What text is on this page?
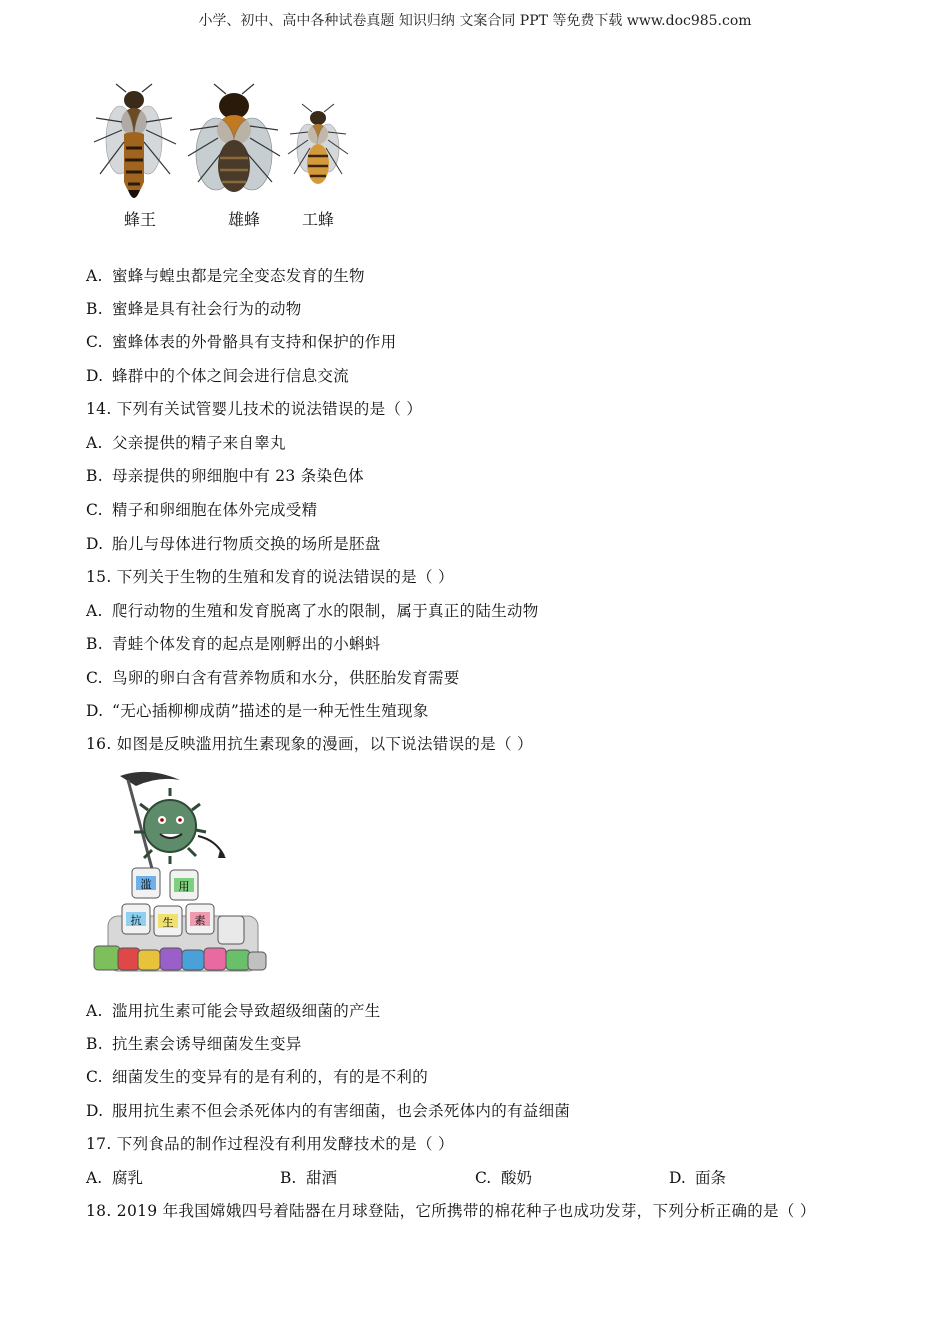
小学、初中、高中各种试卷真题 知识归纳 文案合同 PPT 等免费下载 www.doc985.com
蜂王	雄蜂	工蜂
A. 蜜蜂与蝗虫都是完全变态发育的生物
B. 蜜蜂是具有社会行为的动物
C. 蜜蜂体表的外骨骼具有支持和保护的作用
D. 蜂群中的个体之间会进行信息交流
14. 下列有关试管婴儿技术的说法错误的是（ ）
A. 父亲提供的精子来自睾丸
B. 母亲提供的卵细胞中有 23 条染色体
C. 精子和卵细胞在体外完成受精
D. 胎儿与母体进行物质交换的场所是胚盘
15. 下列关于生物的生殖和发育的说法错误的是（ ）
A. 爬行动物的生殖和发育脱离了水的限制，属于真正的陆生动物
B. 青蛙个体发育的起点是刚孵出的小蝌蚪
C. 鸟卵的卵白含有营养物质和水分，供胚胎发育需要
D. “无心插柳柳成荫”描述的是一种无性生殖现象
16. 如图是反映滥用抗生素现象的漫画，以下说法错误的是（ ）
滥 用
抗 生 素
A. 滥用抗生素可能会导致超级细菌的产生
B. 抗生素会诱导细菌发生变异
C. 细菌发生的变异有的是有利的，有的是不利的
D. 服用抗生素不但会杀死体内的有害细菌，也会杀死体内的有益细菌
17. 下列食品的制作过程没有利用发酵技术的是（ ）
A. 腐乳	B. 甜酒	C. 酸奶	D. 面条
18. 2019 年我国嫦娥四号着陆器在月球登陆，它所携带的棉花种子也成功发芽，下列分析正确的是（ ）
